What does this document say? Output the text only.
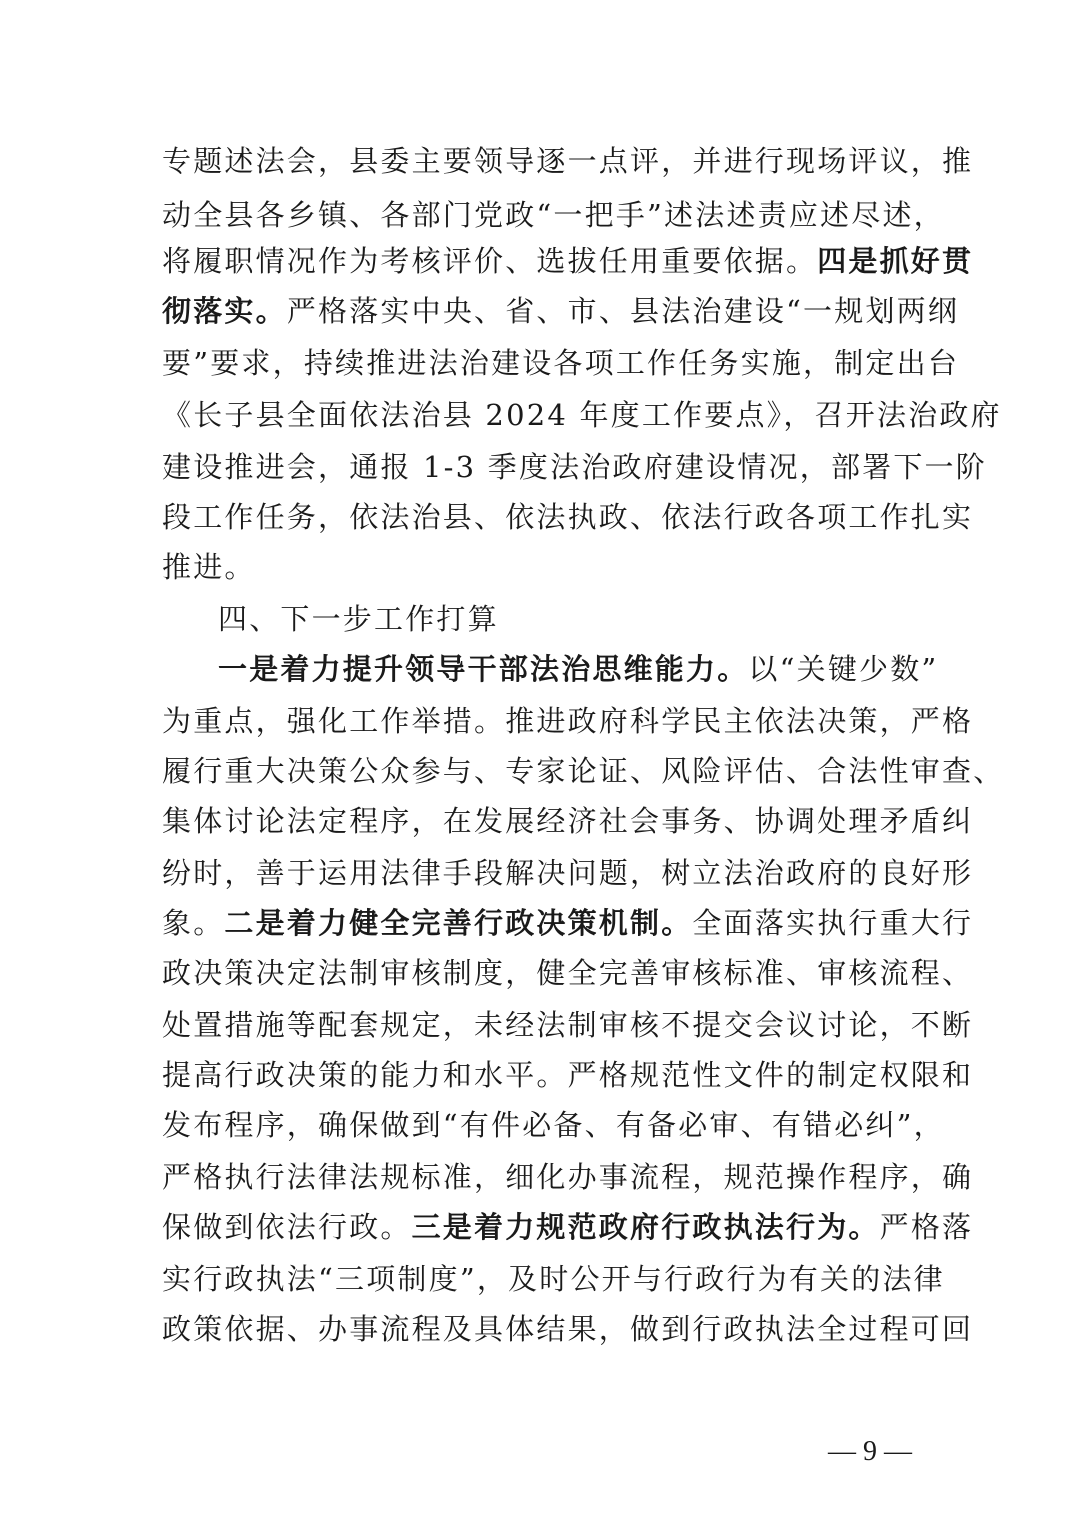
专题述法会，县委主要领导逐一点评，并进行现场评议，推
动全县各乡镇、各部门党政“一把手”述法述责应述尽述，
将履职情况作为考核评价、选拔任用重要依据。四是抓好贯
彻落实。严格落实中央、省、市、县法治建设“一规划两纲
要”要求，持续推进法治建设各项工作任务实施，制定出台
《长子县全面依法治县 2024 年度工作要点》，召开法治政府
建设推进会，通报 1-3 季度法治政府建设情况，部署下一阶
段工作任务，依法治县、依法执政、依法行政各项工作扎实
推进。
四、下一步工作打算
一是着力提升领导干部法治思维能力。以“关键少数”
为重点，强化工作举措。推进政府科学民主依法决策，严格
履行重大决策公众参与、专家论证、风险评估、合法性审查、
集体讨论法定程序，在发展经济社会事务、协调处理矛盾纠
纷时，善于运用法律手段解决问题，树立法治政府的良好形
象。二是着力健全完善行政决策机制。全面落实执行重大行
政决策决定法制审核制度，健全完善审核标准、审核流程、
处置措施等配套规定，未经法制审核不提交会议讨论，不断
提高行政决策的能力和水平。严格规范性文件的制定权限和
发布程序，确保做到“有件必备、有备必审、有错必纠”，
严格执行法律法规标准，细化办事流程，规范操作程序，确
保做到依法行政。三是着力规范政府行政执法行为。严格落
实行政执法“三项制度”，及时公开与行政行为有关的法律
政策依据、办事流程及具体结果，做到行政执法全过程可回
— 9 —
